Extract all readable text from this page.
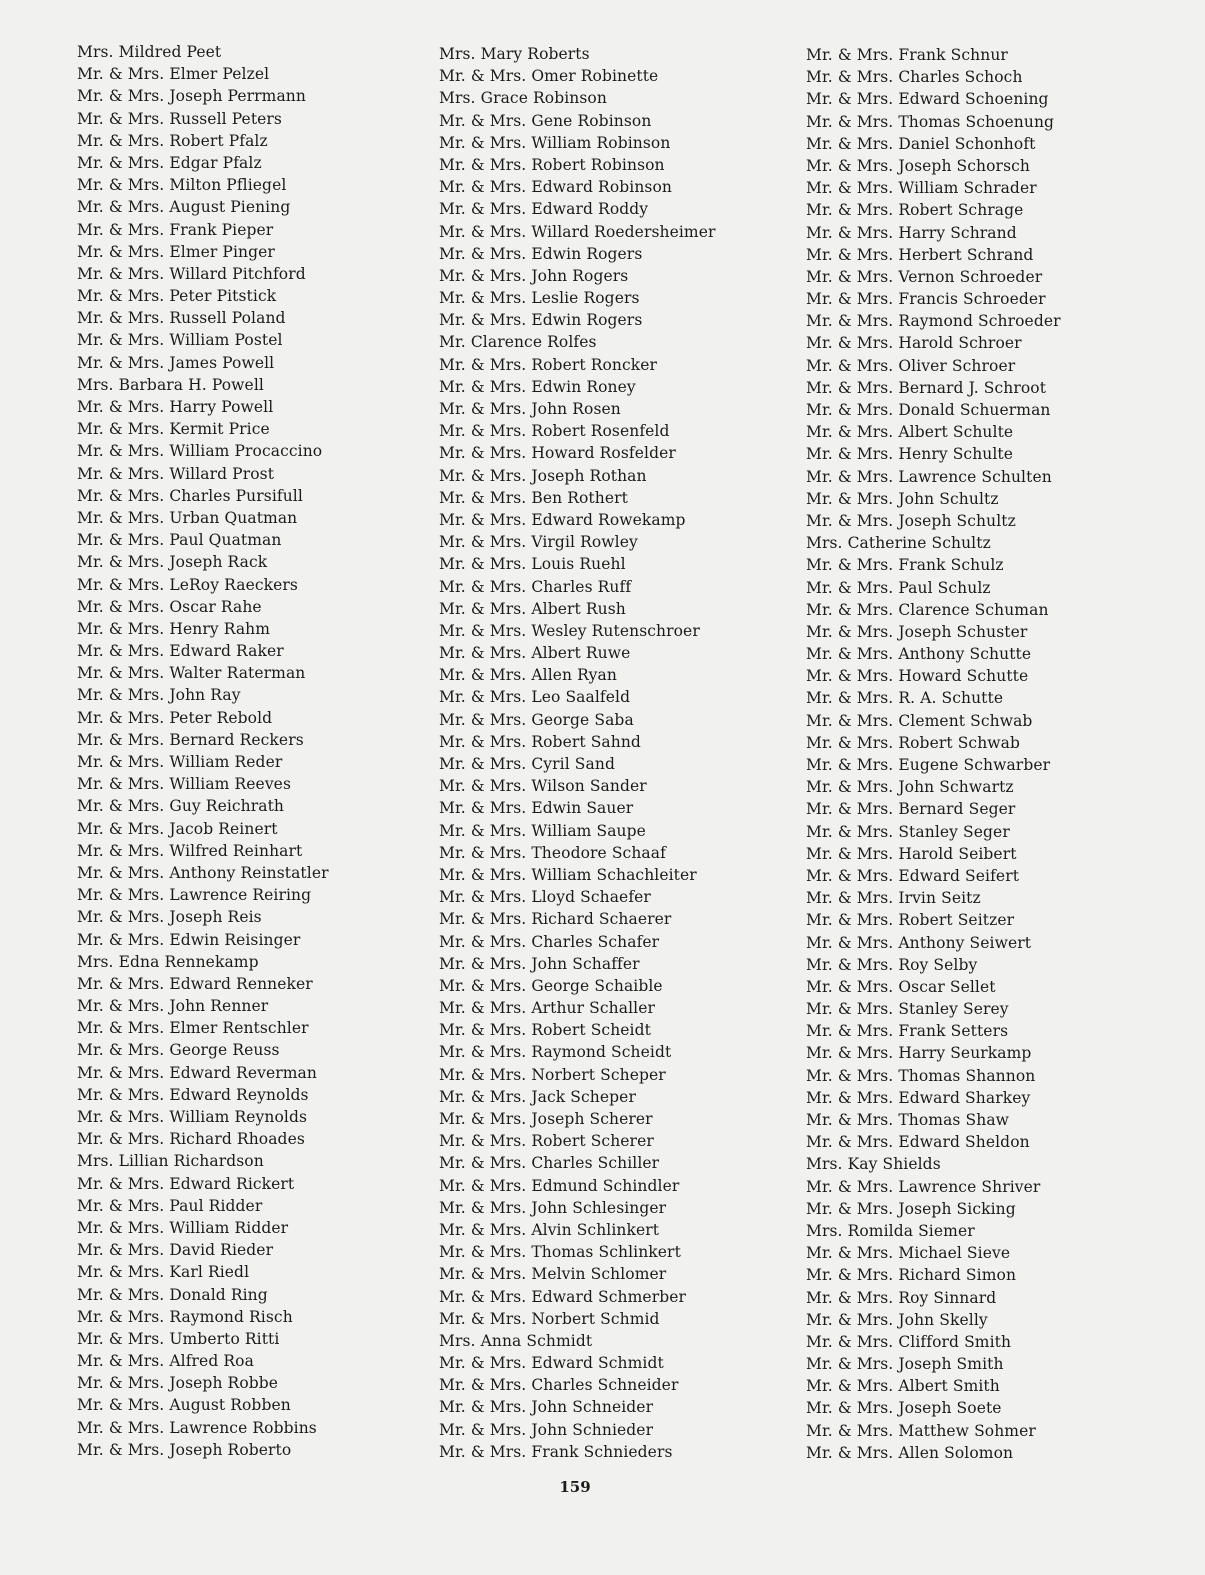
Mrs. Mildred Peet
Mr. & Mrs. Elmer Pelzel
Mr. & Mrs. Joseph Perrmann
Mr. & Mrs. Russell Peters
Mr. & Mrs. Robert Pfalz
Mr. & Mrs. Edgar Pfalz
Mr. & Mrs. Milton Pfliegel
Mr. & Mrs. August Piening
Mr. & Mrs. Frank Pieper
Mr. & Mrs. Elmer Pinger
Mr. & Mrs. Willard Pitchford
Mr. & Mrs. Peter Pitstick
Mr. & Mrs. Russell Poland
Mr. & Mrs. William Postel
Mr. & Mrs. James Powell
Mrs. Barbara H. Powell
Mr. & Mrs. Harry Powell
Mr. & Mrs. Kermit Price
Mr. & Mrs. William Procaccino
Mr. & Mrs. Willard Prost
Mr. & Mrs. Charles Pursifull
Mr. & Mrs. Urban Quatman
Mr. & Mrs. Paul Quatman
Mr. & Mrs. Joseph Rack
Mr. & Mrs. LeRoy Raeckers
Mr. & Mrs. Oscar Rahe
Mr. & Mrs. Henry Rahm
Mr. & Mrs. Edward Raker
Mr. & Mrs. Walter Raterman
Mr. & Mrs. John Ray
Mr. & Mrs. Peter Rebold
Mr. & Mrs. Bernard Reckers
Mr. & Mrs. William Reder
Mr. & Mrs. William Reeves
Mr. & Mrs. Guy Reichrath
Mr. & Mrs. Jacob Reinert
Mr. & Mrs. Wilfred Reinhart
Mr. & Mrs. Anthony Reinstatler
Mr. & Mrs. Lawrence Reiring
Mr. & Mrs. Joseph Reis
Mr. & Mrs. Edwin Reisinger
Mrs. Edna Rennekamp
Mr. & Mrs. Edward Renneker
Mr. & Mrs. John Renner
Mr. & Mrs. Elmer Rentschler
Mr. & Mrs. George Reuss
Mr. & Mrs. Edward Reverman
Mr. & Mrs. Edward Reynolds
Mr. & Mrs. William Reynolds
Mr. & Mrs. Richard Rhoades
Mrs. Lillian Richardson
Mr. & Mrs. Edward Rickert
Mr. & Mrs. Paul Ridder
Mr. & Mrs. William Ridder
Mr. & Mrs. David Rieder
Mr. & Mrs. Karl Riedl
Mr. & Mrs. Donald Ring
Mr. & Mrs. Raymond Risch
Mr. & Mrs. Umberto Ritti
Mr. & Mrs. Alfred Roa
Mr. & Mrs. Joseph Robbe
Mr. & Mrs. August Robben
Mr. & Mrs. Lawrence Robbins
Mr. & Mrs. Joseph Roberto
Mrs. Mary Roberts
Mr. & Mrs. Omer Robinette
Mrs. Grace Robinson
Mr. & Mrs. Gene Robinson
Mr. & Mrs. William Robinson
Mr. & Mrs. Robert Robinson
Mr. & Mrs. Edward Robinson
Mr. & Mrs. Edward Roddy
Mr. & Mrs. Willard Roedersheimer
Mr. & Mrs. Edwin Rogers
Mr. & Mrs. John Rogers
Mr. & Mrs. Leslie Rogers
Mr. & Mrs. Edwin Rogers
Mr. Clarence Rolfes
Mr. & Mrs. Robert Roncker
Mr. & Mrs. Edwin Roney
Mr. & Mrs. John Rosen
Mr. & Mrs. Robert Rosenfeld
Mr. & Mrs. Howard Rosfelder
Mr. & Mrs. Joseph Rothan
Mr. & Mrs. Ben Rothert
Mr. & Mrs. Edward Rowekamp
Mr. & Mrs. Virgil Rowley
Mr. & Mrs. Louis Ruehl
Mr. & Mrs. Charles Ruff
Mr. & Mrs. Albert Rush
Mr. & Mrs. Wesley Rutenschroer
Mr. & Mrs. Albert Ruwe
Mr. & Mrs. Allen Ryan
Mr. & Mrs. Leo Saalfeld
Mr. & Mrs. George Saba
Mr. & Mrs. Robert Sahnd
Mr. & Mrs. Cyril Sand
Mr. & Mrs. Wilson Sander
Mr. & Mrs. Edwin Sauer
Mr. & Mrs. William Saupe
Mr. & Mrs. Theodore Schaaf
Mr. & Mrs. William Schachleiter
Mr. & Mrs. Lloyd Schaefer
Mr. & Mrs. Richard Schaerer
Mr. & Mrs. Charles Schafer
Mr. & Mrs. John Schaffer
Mr. & Mrs. George Schaible
Mr. & Mrs. Arthur Schaller
Mr. & Mrs. Robert Scheidt
Mr. & Mrs. Raymond Scheidt
Mr. & Mrs. Norbert Scheper
Mr. & Mrs. Jack Scheper
Mr. & Mrs. Joseph Scherer
Mr. & Mrs. Robert Scherer
Mr. & Mrs. Charles Schiller
Mr. & Mrs. Edmund Schindler
Mr. & Mrs. John Schlesinger
Mr. & Mrs. Alvin Schlinkert
Mr. & Mrs. Thomas Schlinkert
Mr. & Mrs. Melvin Schlomer
Mr. & Mrs. Edward Schmerber
Mr. & Mrs. Norbert Schmid
Mrs. Anna Schmidt
Mr. & Mrs. Edward Schmidt
Mr. & Mrs. Charles Schneider
Mr. & Mrs. John Schneider
Mr. & Mrs. John Schnieder
Mr. & Mrs. Frank Schnieders
Mr. & Mrs. Frank Schnur
Mr. & Mrs. Charles Schoch
Mr. & Mrs. Edward Schoening
Mr. & Mrs. Thomas Schoenung
Mr. & Mrs. Daniel Schonhoft
Mr. & Mrs. Joseph Schorsch
Mr. & Mrs. William Schrader
Mr. & Mrs. Robert Schrage
Mr. & Mrs. Harry Schrand
Mr. & Mrs. Herbert Schrand
Mr. & Mrs. Vernon Schroeder
Mr. & Mrs. Francis Schroeder
Mr. & Mrs. Raymond Schroeder
Mr. & Mrs. Harold Schroer
Mr. & Mrs. Oliver Schroer
Mr. & Mrs. Bernard J. Schroot
Mr. & Mrs. Donald Schuerman
Mr. & Mrs. Albert Schulte
Mr. & Mrs. Henry Schulte
Mr. & Mrs. Lawrence Schulten
Mr. & Mrs. John Schultz
Mr. & Mrs. Joseph Schultz
Mrs. Catherine Schultz
Mr. & Mrs. Frank Schulz
Mr. & Mrs. Paul Schulz
Mr. & Mrs. Clarence Schuman
Mr. & Mrs. Joseph Schuster
Mr. & Mrs. Anthony Schutte
Mr. & Mrs. Howard Schutte
Mr. & Mrs. R. A. Schutte
Mr. & Mrs. Clement Schwab
Mr. & Mrs. Robert Schwab
Mr. & Mrs. Eugene Schwarber
Mr. & Mrs. John Schwartz
Mr. & Mrs. Bernard Seger
Mr. & Mrs. Stanley Seger
Mr. & Mrs. Harold Seibert
Mr. & Mrs. Edward Seifert
Mr. & Mrs. Irvin Seitz
Mr. & Mrs. Robert Seitzer
Mr. & Mrs. Anthony Seiwert
Mr. & Mrs. Roy Selby
Mr. & Mrs. Oscar Sellet
Mr. & Mrs. Stanley Serey
Mr. & Mrs. Frank Setters
Mr. & Mrs. Harry Seurkamp
Mr. & Mrs. Thomas Shannon
Mr. & Mrs. Edward Sharkey
Mr. & Mrs. Thomas Shaw
Mr. & Mrs. Edward Sheldon
Mrs. Kay Shields
Mr. & Mrs. Lawrence Shriver
Mr. & Mrs. Joseph Sicking
Mrs. Romilda Siemer
Mr. & Mrs. Michael Sieve
Mr. & Mrs. Richard Simon
Mr. & Mrs. Roy Sinnard
Mr. & Mrs. John Skelly
Mr. & Mrs. Clifford Smith
Mr. & Mrs. Joseph Smith
Mr. & Mrs. Albert Smith
Mr. & Mrs. Joseph Soete
Mr. & Mrs. Matthew Sohmer
Mr. & Mrs. Allen Solomon
159
